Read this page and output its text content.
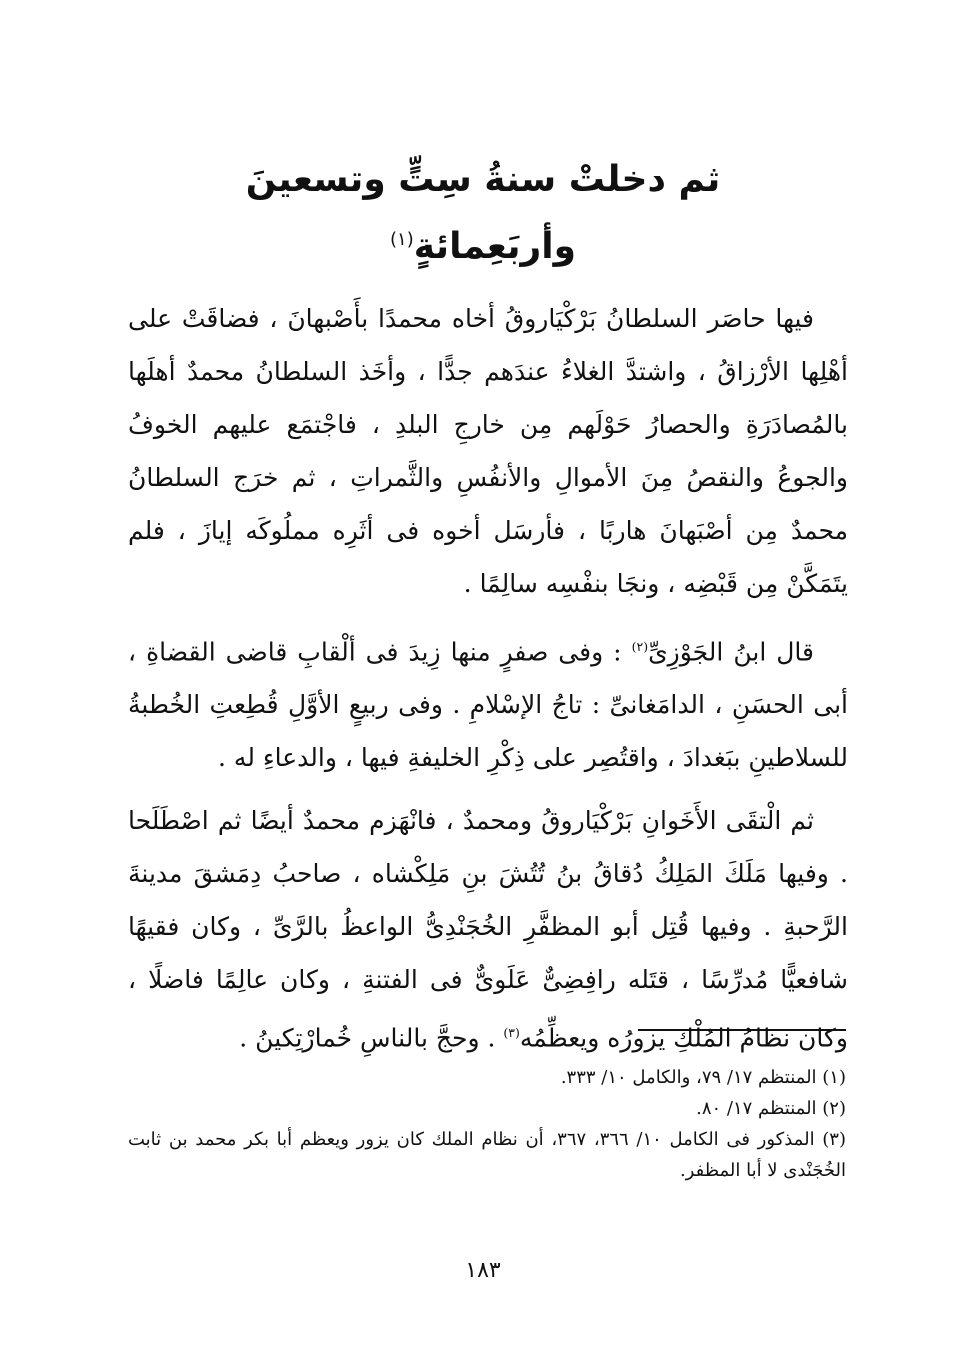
ثم دخلتْ سنةُ سِتٍّ وتسعينَ وأربَعِمائةٍ$^{(١)}$

فيها حاصَر السلطانُ بَرْكْيَاروقُ أخاه محمدًا بأَصْبهانَ ، فضاقَتْ على أهْلِها الأرْزاقُ ، واشتدَّ الغلاءُ عندَهم جدًّا ، وأخَذ السلطانُ محمدٌ أهلَها بالمُصادَرَةِ والحصارُ حَوْلَهم مِن خارجِ البلدِ ، فاجْتمَع عليهم الخوفُ والجوعُ والنقصُ مِنَ الأموالِ والأنفُسِ والثَّمراتِ ، ثم خرَج السلطانُ محمدٌ مِن أصْبَهانَ هاربًا ، فأرسَل أخوه فى أثَرِه مملُوكَه إيازَ ، فلم يتَمَكَّنْ مِن قَبْضِه ، ونجَا بنفْسِه سالِمًا .

قال ابنُ الجَوْزِىِّ$^{(٢)}$ : وفى صفرٍ منها زِيدَ فى ألْقابِ قاضى القضاةِ ، أبى الحسَنِ ، الدامَغانىِّ : تاجُ الإسْلامِ . وفى ربيعٍ الأوَّلِ قُطِعتِ الخُطبةُ للسلاطينِ ببَغدادَ ، واقتُصِر على ذِكْرِ الخليفةِ فيها ، والدعاءِ له .

ثم الْتقَى الأَخَوانِ بَرْكْيَاروقُ ومحمدٌ ، فانْهَزم محمدٌ أيضًا ثم اصْطَلَحا . وفيها مَلَكَ المَلِكُ دُقاقُ بنُ تُتُشَ بنِ مَلِكْشاه ، صاحبُ دِمَشقَ مدينةَ الرَّحبةِ . وفيها قُتِل أبو المظفَّرِ الخُجَنْدِىُّ الواعظُ بالرَّىِّ ، وكان فقيهًا شافعيًّا مُدرِّسًا ، قتَله رافِضِىٌّ عَلَوىٌّ فى الفتنةِ ، وكان عالِمًا فاضلًا ، وكان نظامُ المُلْكِ يزورُه ويعظِّمُه$^{(٣)}$ . وحجَّ بالناسِ خُمارْتِكينُ .

(١) المنتظم ١٧/ ٧٩، والكامل ١٠/ ٣٣٣.
(٢) المنتظم ١٧/ ٨٠.
(٣) المذكور فى الكامل ١٠/ ٣٦٦، ٣٦٧، أن نظام الملك كان يزور ويعظم أبا بكر محمد بن ثابت الخُجَنْدى لا أبا المظفر.
١٨٣
